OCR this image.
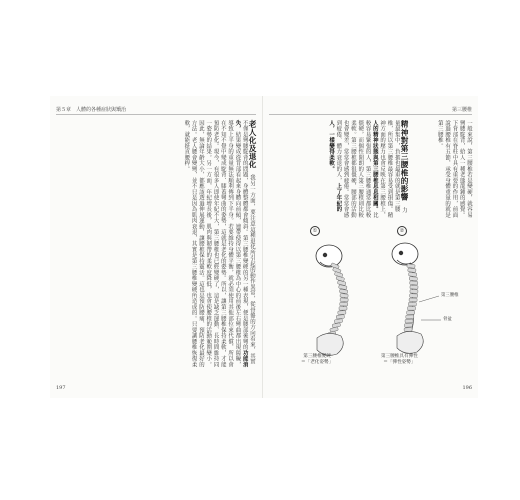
第５章　人體的各種症狀與矯治
老人化及退化 我另一方面，要注意這種退化所引起的動作異常，從骨骼的方向看來，其實不僅是彎腰駝背的問題，身體整體都會傾斜。第三腰椎變硬的另一種表現，便是腰部後彎的功能消失，結果變成從背部看起來身體向前傾，連帶使得以第三腰椎為中心的前後左右彎曲都出現障礙，導致上半身的重量無法順利傳到下半身。若要維持身體平衡，就必須使用其他部位來代償，所以會在不知不覺中變成駝背、膝蓋彎曲的姿勢，這就是老化的姿勢。所以，讓第三腰椎保持柔軟，才能預防老化。現今，有很多人即使年紀不大，第三腰椎也已經變硬了，這是缺乏運動、長時間維持同一姿勢的結果。另一方面，年紀增長後，肌肉與韌帶的柔軟度降低，也會使腰椎的活動範圍變小。因此，無論年齡大小，都應該透過伸展運動，讓腰椎保持靈活。這也是預防腰痛、預防老化最好的方法。老人腰會變彎，並不只是因為肌肉衰退，其實是第三腰椎變硬所造成的。只要讓腰椎恢復柔軟，就能挺直腰桿。
197
第三腰椎
一般來說，第三腰椎若是變硬，就容易彎腰駝背，給人一種老態龍鍾的感覺。下背部在脊柱中具有重要的作用，前面說過腰椎有五節，承受身體重量的就是第三腰椎。
精神對第三腰椎的影響 力量最集中，負擔也最重的就是第三腰椎，所以第三腰椎最容易受到損傷。精神方面的壓力也會反映在第三腰椎上，人的精神狀態與第三腰椎息息相關。比較容易緊張的人，第三腰椎通常都比較僵硬，而個性開朗的人第三腰椎則比較柔軟。第三腰椎都很僵硬，腰部的活動也會變差，常常會感到疲倦。常常會感到疲倦、體力衰退的人，上了年紀的人，一樣變得柔軟。
①	②
第三腰椎
骨盆
第三腰椎變硬
＝「老化姿勢」
第三腰椎具有彈性
＝「彈性姿勢」
196
